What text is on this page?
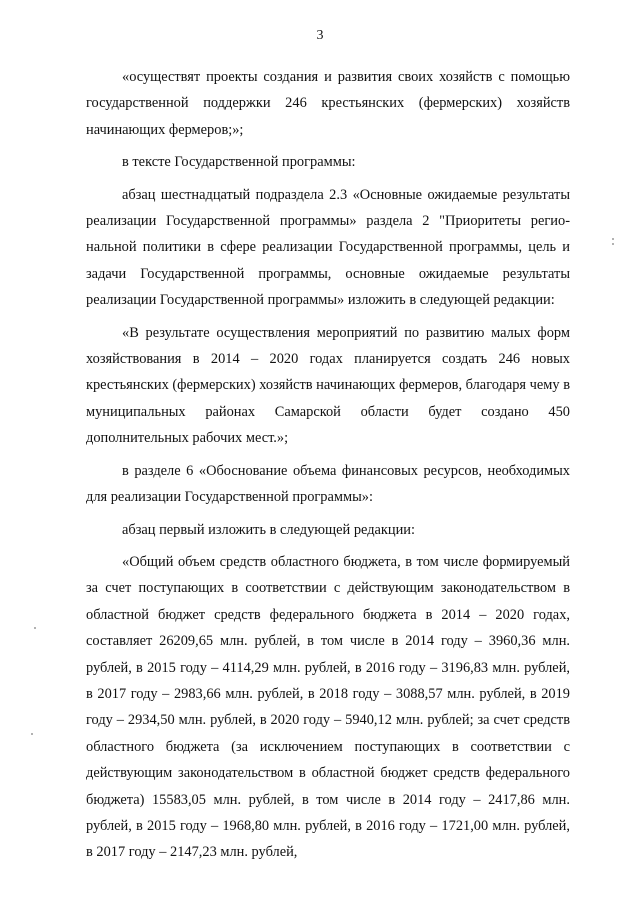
3

«осуществят проекты создания и развития своих хозяйств с помощью государственной поддержки 246 крестьянских (фермерских) хозяйств начинающих фермеров;»;

в тексте Государственной программы:

абзац шестнадцатый подраздела 2.3 «Основные ожидаемые результаты реализации Государственной программы» раздела 2 "Приоритеты региональной политики в сфере реализации Государственной программы, цель и задачи Государственной программы, основные ожидаемые результаты реализации Государственной программы» изложить в следующей редакции:

«В результате осуществления мероприятий по развитию малых форм хозяйствования в 2014 – 2020 годах планируется создать 246 новых крестьянских (фермерских) хозяйств начинающих фермеров, благодаря чему в муниципальных районах Самарской области будет создано 450 дополнительных рабочих мест.»;

в разделе 6 «Обоснование объема финансовых ресурсов, необходимых для реализации Государственной программы»:

абзац первый изложить в следующей редакции:

«Общий объем средств областного бюджета, в том числе формируемый за счет поступающих в соответствии с действующим законодательством в областной бюджет средств федерального бюджета в 2014 – 2020 годах, составляет 26209,65 млн. рублей, в том числе в 2014 году – 3960,36 млн. рублей, в 2015 году – 4114,29 млн. рублей, в 2016 году – 3196,83 млн. рублей, в 2017 году – 2983,66 млн. рублей, в 2018 году – 3088,57 млн. рублей, в 2019 году – 2934,50 млн. рублей, в 2020 году – 5940,12 млн. рублей; за счет средств областного бюджета (за исключением поступающих в соответствии с действующим законодательством в областной бюджет средств федерального бюджета) 15583,05 млн. рублей, в том числе в 2014 году – 2417,86 млн. рублей, в 2015 году – 1968,80 млн. рублей, в 2016 году – 1721,00 млн. рублей, в 2017 году – 2147,23 млн. рублей,
